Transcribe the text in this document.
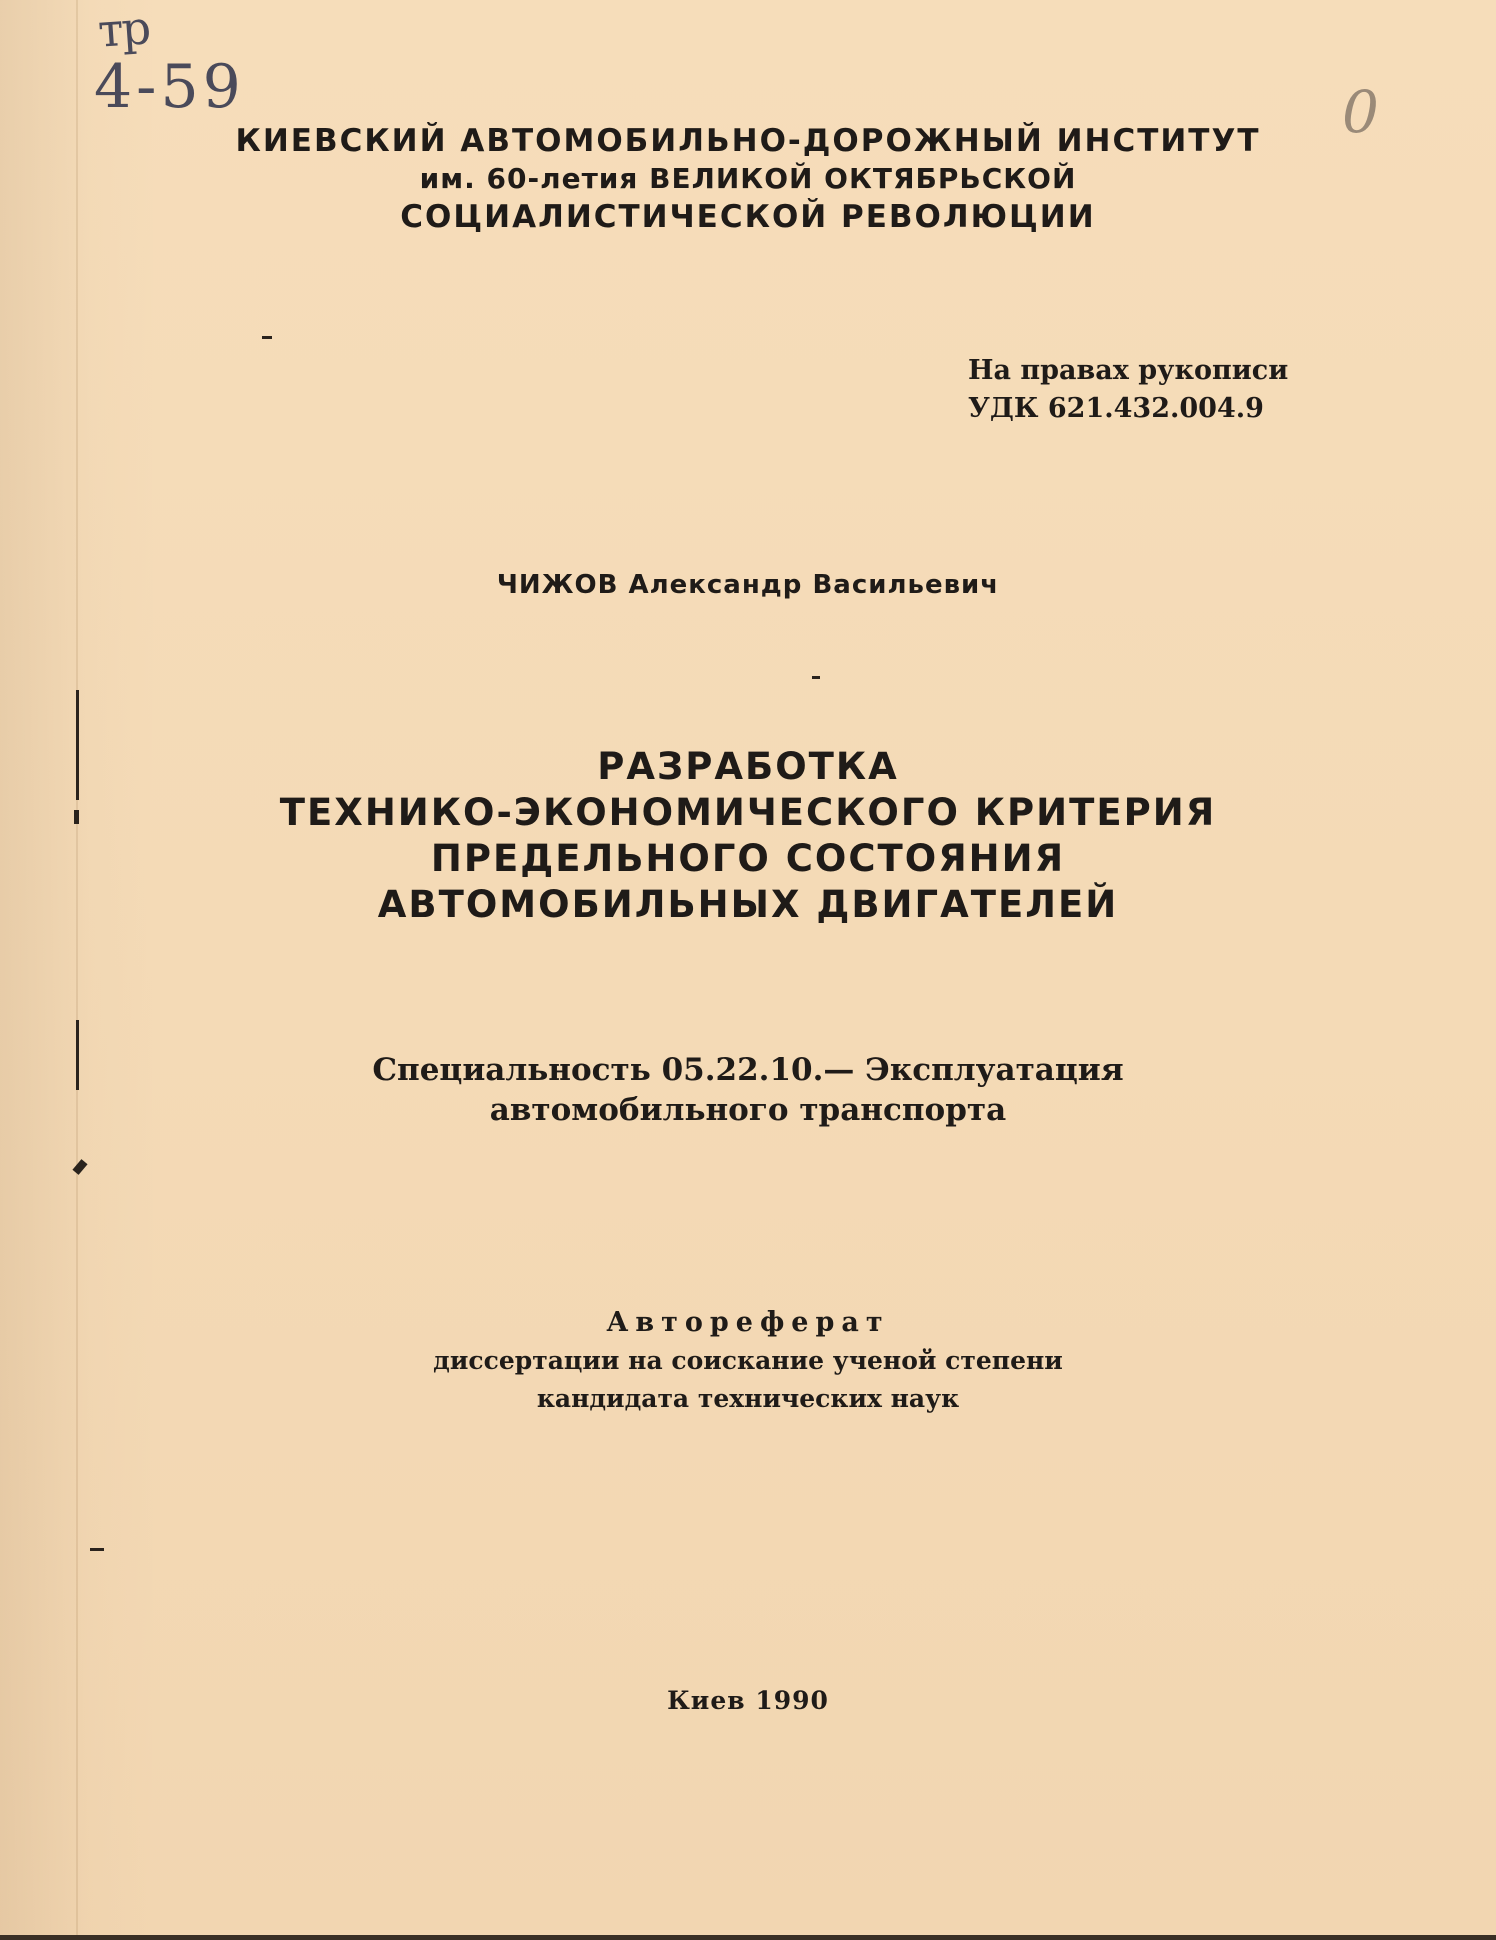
тр
4-59	0
КИЕВСКИЙ АВТОМОБИЛЬНО-ДОРОЖНЫЙ ИНСТИТУТ
им. 60-летия ВЕЛИКОЙ ОКТЯБРЬСКОЙ
СОЦИАЛИСТИЧЕСКОЙ РЕВОЛЮЦИИ
На правах рукописи
УДК 621.432.004.9
ЧИЖОВ Александр Васильевич
РАЗРАБОТКА
ТЕХНИКО-ЭКОНОМИЧЕСКОГО КРИТЕРИЯ
ПРЕДЕЛЬНОГО СОСТОЯНИЯ
АВТОМОБИЛЬНЫХ ДВИГАТЕЛЕЙ
Специальность 05.22.10.— Эксплуатация
автомобильного транспорта
Автореферат
диссертации на соискание ученой степени
кандидата технических наук
Киев 1990
